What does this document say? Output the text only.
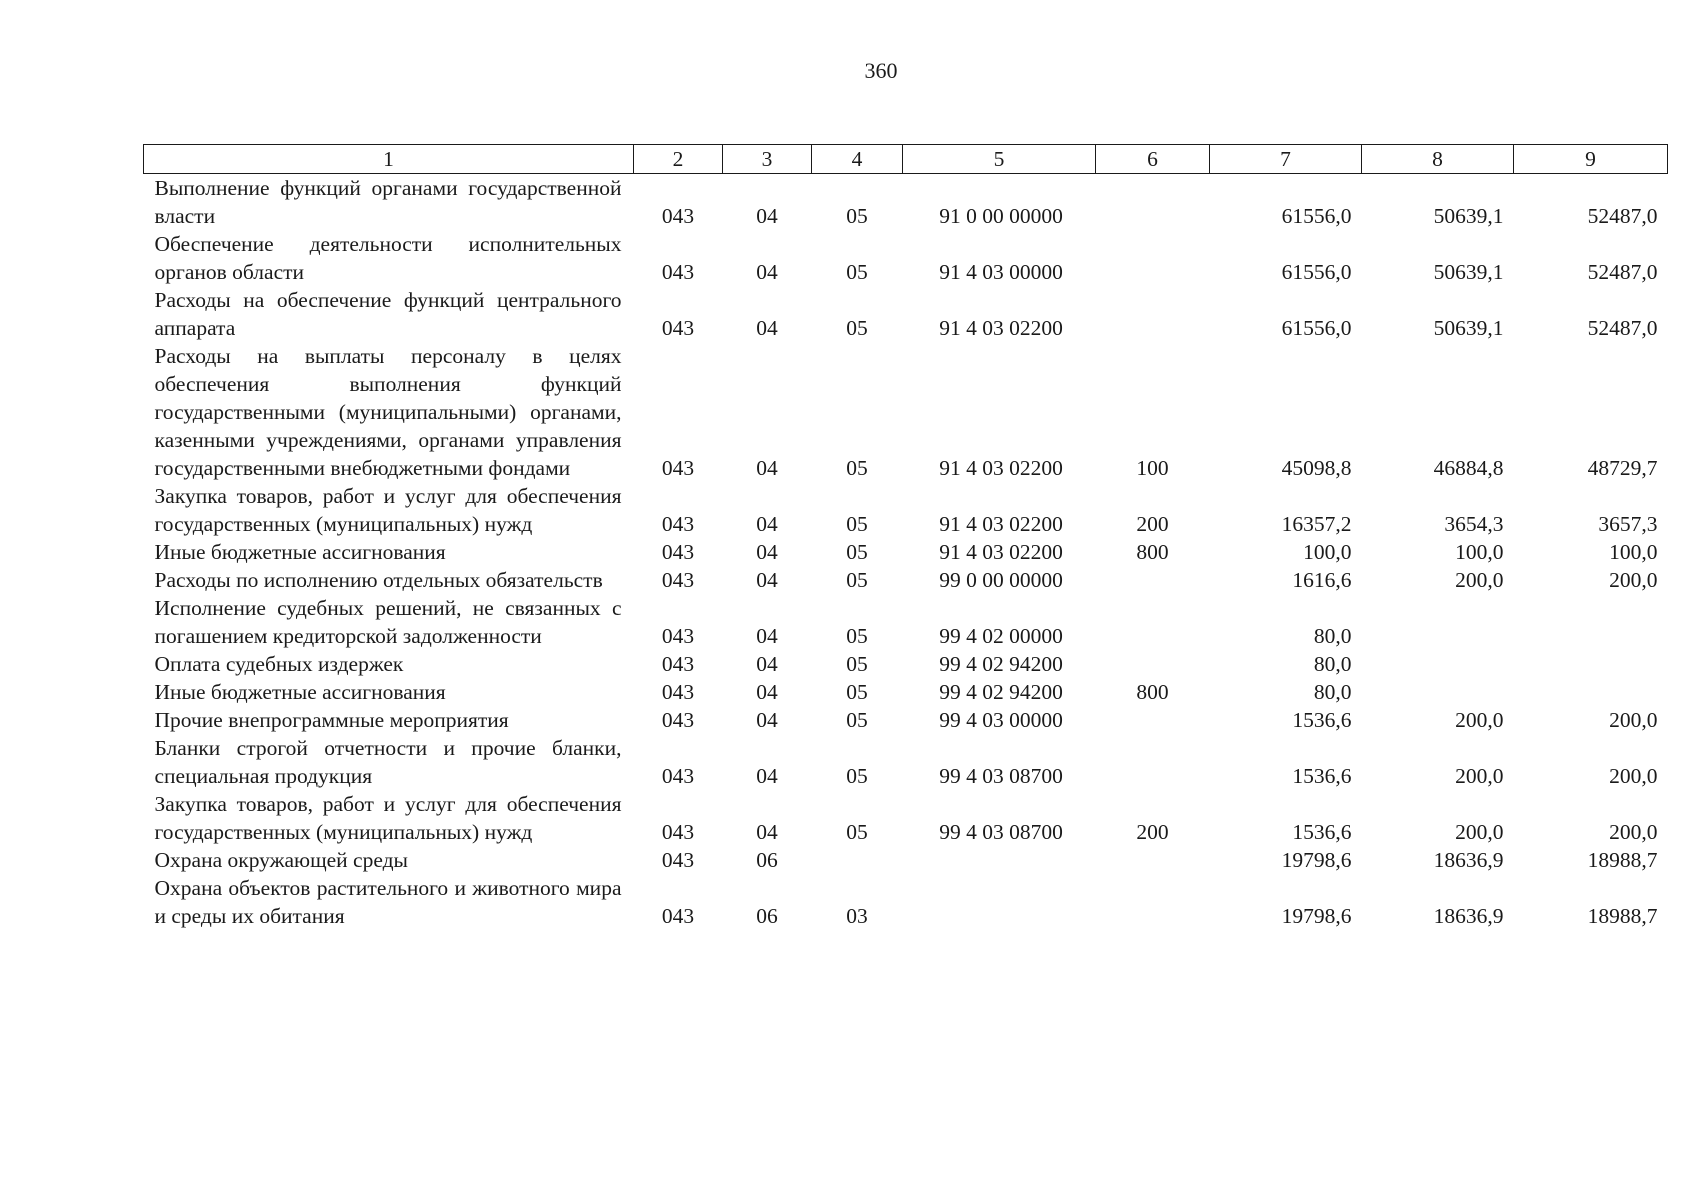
360
1	2	3	4	5	6	7	8	9
Выполнение функций органами государственной власти	043	04	05	91 0 00 00000		61556,0	50639,1	52487,0
Обеспечение деятельности исполнительных органов области	043	04	05	91 4 03 00000		61556,0	50639,1	52487,0
Расходы на обеспечение функций центрального аппарата	043	04	05	91 4 03 02200		61556,0	50639,1	52487,0
Расходы на выплаты персоналу в целях обеспечения выполнения функций государственными (муниципальными) органами, казенными учреждениями, органами управления государственными внебюджетными фондами	043	04	05	91 4 03 02200	100	45098,8	46884,8	48729,7
Закупка товаров, работ и услуг для обеспечения государственных (муниципальных) нужд	043	04	05	91 4 03 02200	200	16357,2	3654,3	3657,3
Иные бюджетные ассигнования	043	04	05	91 4 03 02200	800	100,0	100,0	100,0
Расходы по исполнению отдельных обязательств	043	04	05	99 0 00 00000		1616,6	200,0	200,0
Исполнение судебных решений, не связанных с погашением кредиторской задолженности	043	04	05	99 4 02 00000		80,0		
Оплата судебных издержек	043	04	05	99 4 02 94200		80,0		
Иные бюджетные ассигнования	043	04	05	99 4 02 94200	800	80,0		
Прочие внепрограммные мероприятия	043	04	05	99 4 03 00000		1536,6	200,0	200,0
Бланки строгой отчетности и прочие бланки, специальная продукция	043	04	05	99 4 03 08700		1536,6	200,0	200,0
Закупка товаров, работ и услуг для обеспечения государственных (муниципальных) нужд	043	04	05	99 4 03 08700	200	1536,6	200,0	200,0
Охрана окружающей среды	043	06				19798,6	18636,9	18988,7
Охрана объектов растительного и животного мира и среды их обитания	043	06	03			19798,6	18636,9	18988,7
